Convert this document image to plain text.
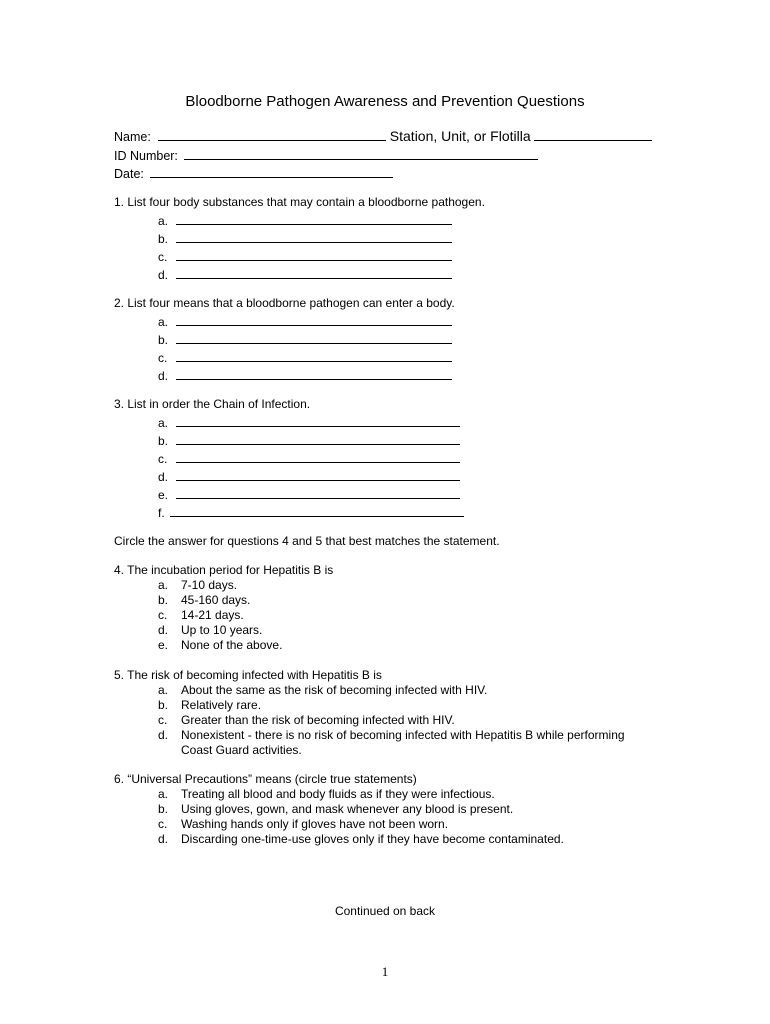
Bloodborne Pathogen Awareness and Prevention Questions
Name:	Station, Unit, or Flotilla
ID Number:
Date:
1. List four body substances that may contain a bloodborne pathogen.
a.
b.
c.
d.
2. List four means that a bloodborne pathogen can enter a body.
a.
b.
c.
d.
3. List in order the Chain of Infection.
a.
b.
c.
d.
e.
f.
Circle the answer for questions 4 and 5 that best matches the statement.
4. The incubation period for Hepatitis B is
a. 7-10 days.
b. 45-160 days.
c. 14-21 days.
d. Up to 10 years.
e. None of the above.
5. The risk of becoming infected with Hepatitis B is
a. About the same as the risk of becoming infected with HIV.
b. Relatively rare.
c. Greater than the risk of becoming infected with HIV.
d. Nonexistent - there is no risk of becoming infected with Hepatitis B while performing
Coast Guard activities.
6. “Universal Precautions” means (circle true statements)
a. Treating all blood and body fluids as if they were infectious.
b. Using gloves, gown, and mask whenever any blood is present.
c. Washing hands only if gloves have not been worn.
d. Discarding one-time-use gloves only if they have become contaminated.
Continued on back
1
